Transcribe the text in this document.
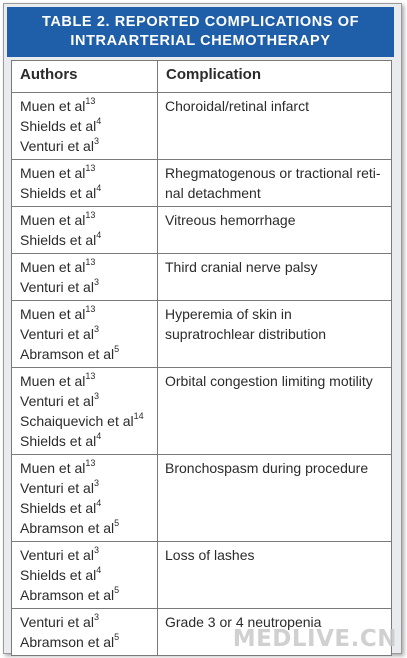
TABLE 2. REPORTED COMPLICATIONS OF
INTRAARTERIAL CHEMOTHERAPY
Authors	Complication

Muen et $al^{13}$
Shields et $al^4$
Venturi et $al^3$	Choroidal/retinal infarct

Muen et $al^{13}$
Shields et $al^4$	Rhegmatogenous or tractional reti-nal detachment

Muen et $al^{13}$
Shields et $al^4$	Vitreous hemorrhage

Muen et $al^{13}$
Venturi et $al^3$	Third cranial nerve palsy

Muen et $al^{13}$
Venturi et $al^3$
Abramson et $al^5$	Hyperemia of skin in supratrochlear distribution

Muen et $al^{13}$
Venturi et $al^3$
Schaiquevich et $al^{14}$
Shields et $al^4$	Orbital congestion limiting motility

Muen et $al^{13}$
Venturi et $al^3$
Shields et $al^4$
Abramson et $al^5$	Bronchospasm during procedure

Venturi et $al^3$
Shields et $al^4$
Abramson et $al^5$	Loss of lashes

Venturi et $al^3$
Abramson et $al^5$	Grade 3 or 4 neutropenia
MEDLIVE.CN
